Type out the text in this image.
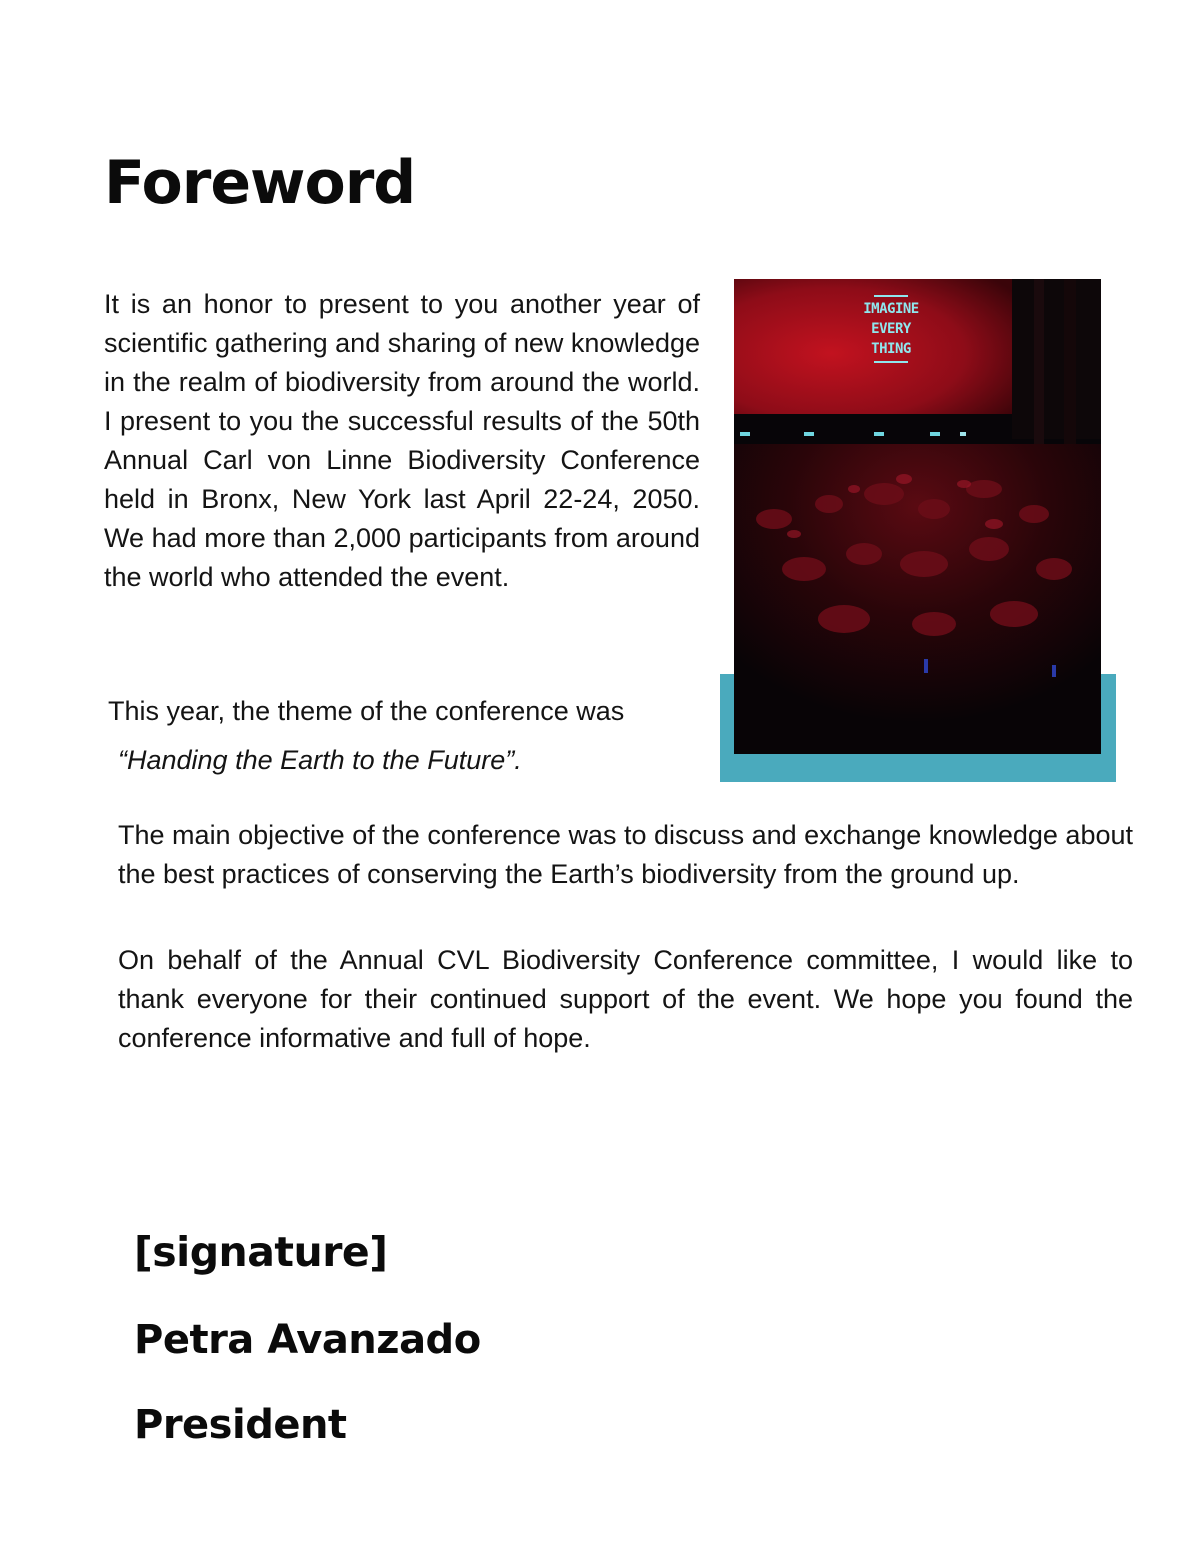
Foreword

It is an honor to present to you another year of scientific gathering and sharing of new knowledge in the realm of biodiversity from around the world. I present to you the successful results of the 50th Annual Carl von Linne Biodiversity Conference held in Bronx, New York last April 22-24, 2050. We had more than 2,000 participants from around the world who attended the event.

IMAGINE
EVERY
THING

This year, the theme of the conference was

“Handing the Earth to the Future”.

The main objective of the conference was to discuss and exchange knowledge about the best practices of conserving the Earth’s biodiversity from the ground up.

On behalf of the Annual CVL Biodiversity Conference committee, I would like to thank everyone for their continued support of the event. We hope you found the conference informative and full of hope.

[signature]

Petra Avanzado

President
